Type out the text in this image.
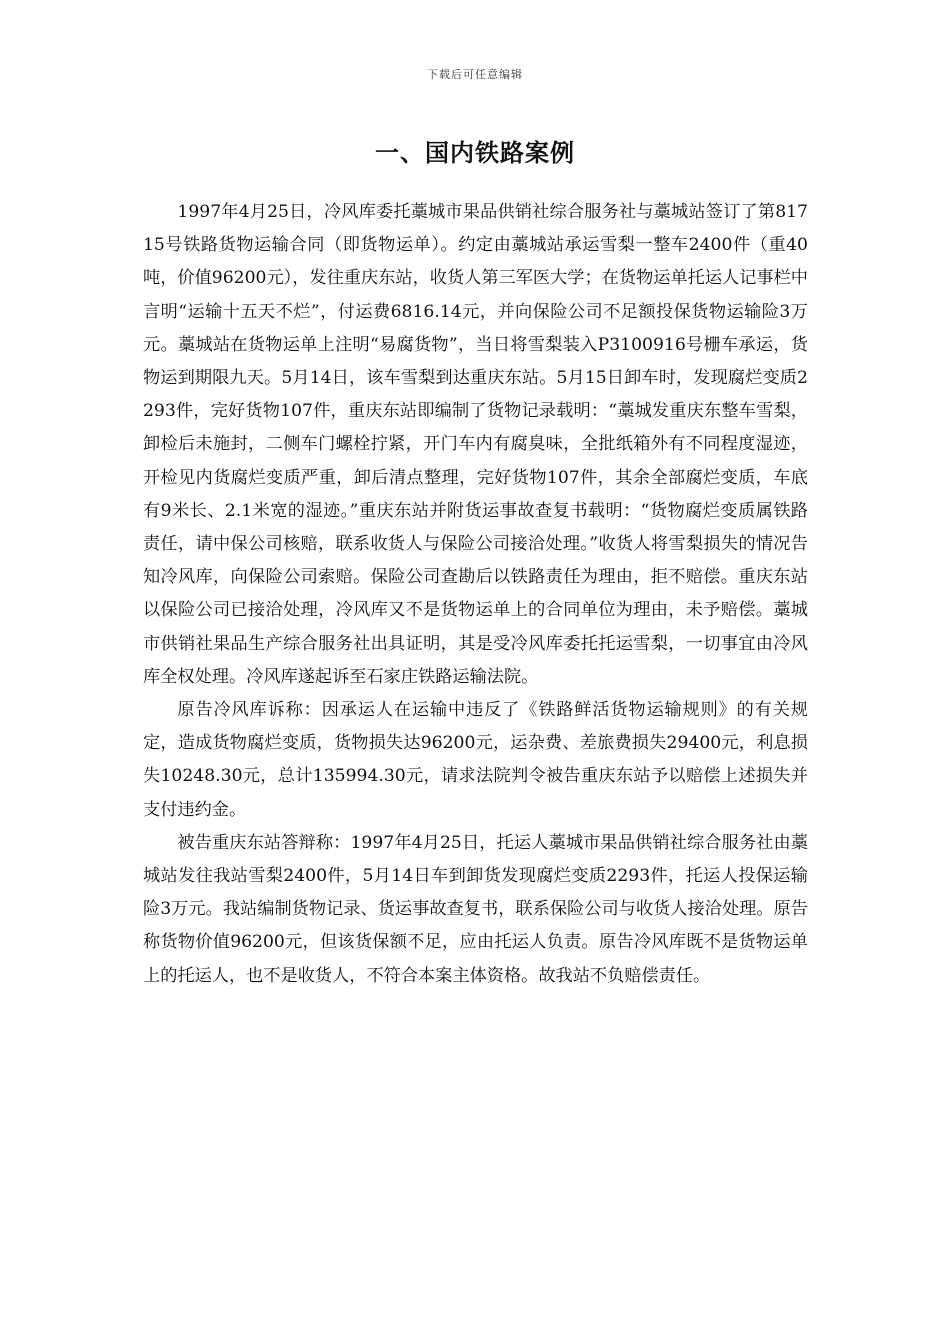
下载后可任意编辑
一、国内铁路案例

1997年4月25日，冷风库委托藁城市果品供销社综合服务社与藁城站签订了第81715号铁路货物运输合同（即货物运单）。约定由藁城站承运雪梨一整车2400件（重40吨，价值96200元），发往重庆东站，收货人第三军医大学；在货物运单托运人记事栏中言明“运输十五天不烂”，付运费6816.14元，并向保险公司不足额投保货物运输险3万元。藁城站在货物运单上注明“易腐货物”，当日将雪梨装入P3100916号栅车承运，货物运到期限九天。5月14日，该车雪梨到达重庆东站。5月15日卸车时，发现腐烂变质2293件，完好货物107件，重庆东站即编制了货物记录载明：“藁城发重庆东整车雪梨，卸检后未施封，二侧车门螺栓拧紧，开门车内有腐臭味，全批纸箱外有不同程度湿迹，开检见内货腐烂变质严重，卸后清点整理，完好货物107件，其余全部腐烂变质，车底有9米长、2.1米宽的湿迹。”重庆东站并附货运事故查复书载明：“货物腐烂变质属铁路责任，请中保公司核赔，联系收货人与保险公司接洽处理。”收货人将雪梨损失的情况告知冷风库，向保险公司索赔。保险公司查勘后以铁路责任为理由，拒不赔偿。重庆东站以保险公司已接洽处理，冷风库又不是货物运单上的合同单位为理由，未予赔偿。藁城市供销社果品生产综合服务社出具证明，其是受冷风库委托托运雪梨，一切事宜由冷风库全权处理。冷风库遂起诉至石家庄铁路运输法院。

原告冷风库诉称：因承运人在运输中违反了《铁路鲜活货物运输规则》的有关规定，造成货物腐烂变质，货物损失达96200元，运杂费、差旅费损失29400元，利息损失10248.30元，总计135994.30元，请求法院判令被告重庆东站予以赔偿上述损失并支付违约金。

被告重庆东站答辩称：1997年4月25日，托运人藁城市果品供销社综合服务社由藁城站发往我站雪梨2400件，5月14日车到卸货发现腐烂变质2293件，托运人投保运输险3万元。我站编制货物记录、货运事故查复书，联系保险公司与收货人接洽处理。原告称货物价值96200元，但该货保额不足，应由托运人负责。原告冷风库既不是货物运单上的托运人，也不是收货人，不符合本案主体资格。故我站不负赔偿责任。
